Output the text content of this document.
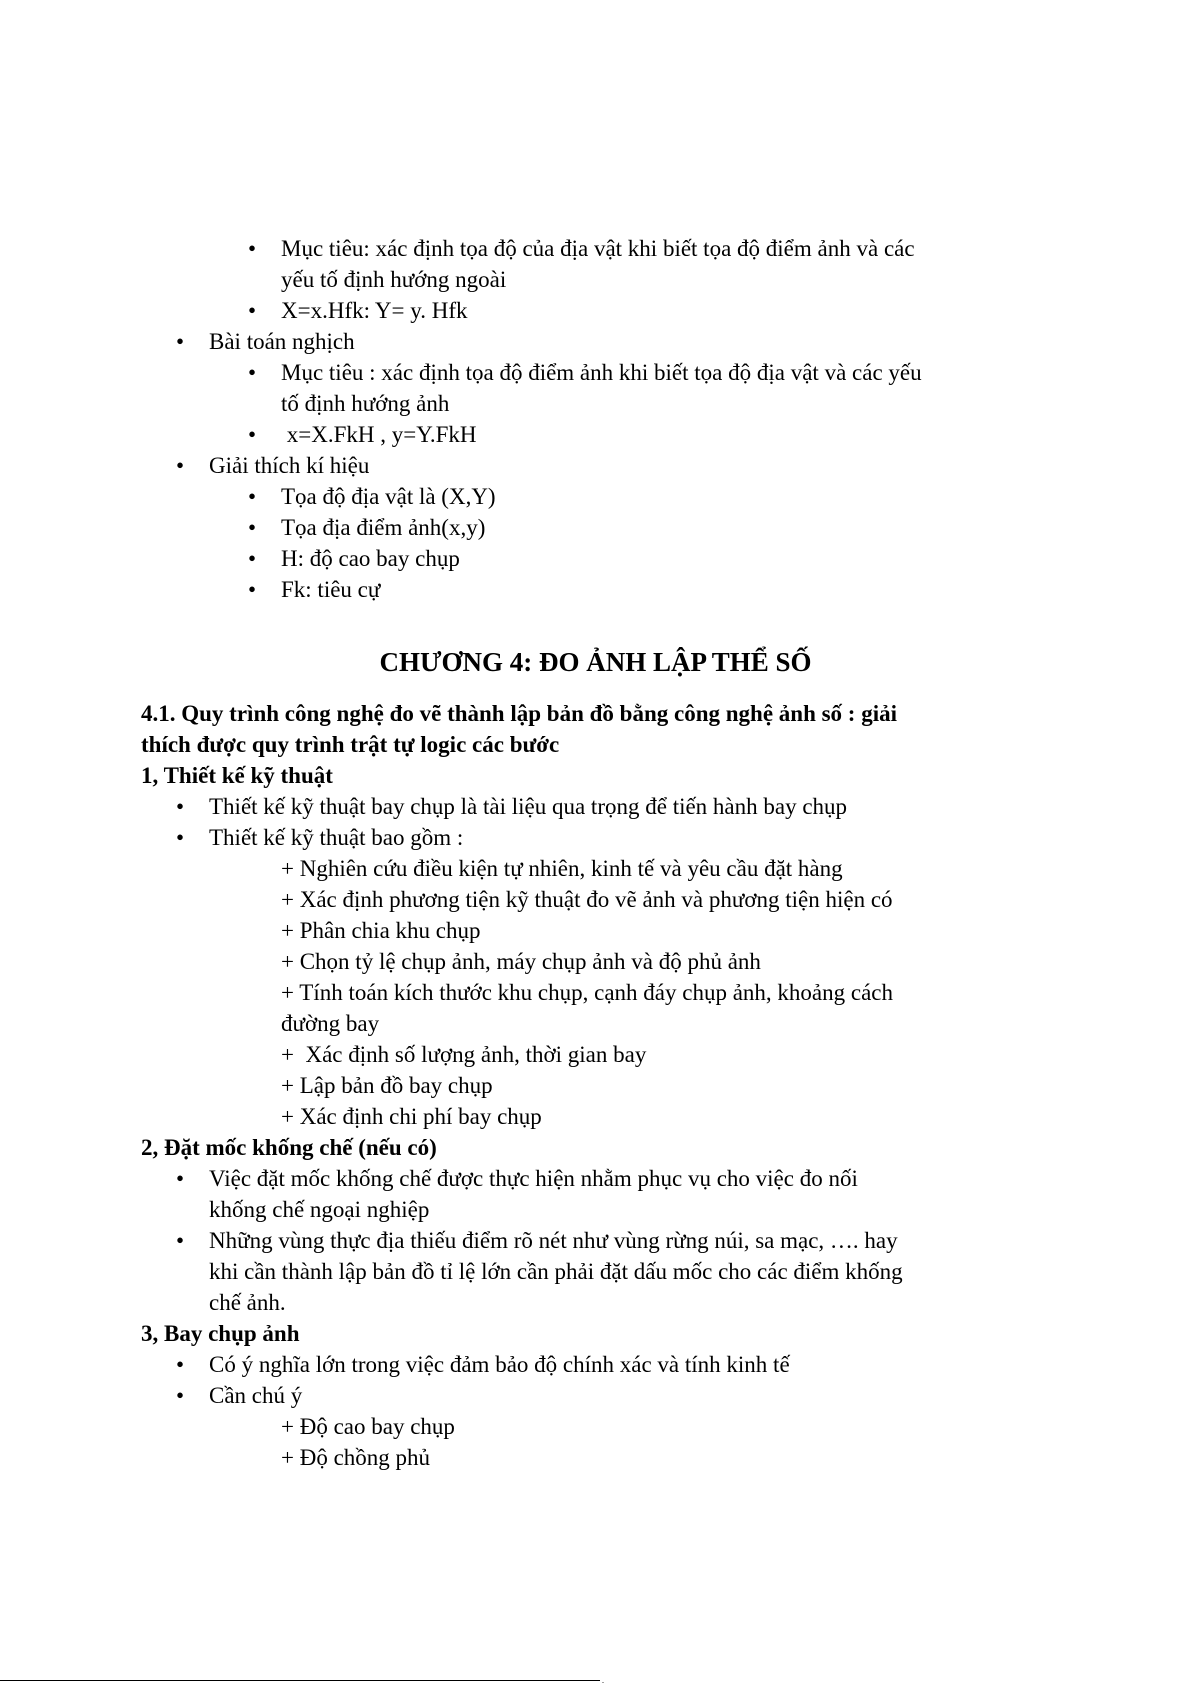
• Mục tiêu: xác định tọa độ của địa vật khi biết tọa độ điểm ảnh và các
yếu tố định hướng ngoài
• X=x.Hfk: Y= y. Hfk
• Bài toán nghịch
• Mục tiêu : xác định tọa độ điểm ảnh khi biết tọa độ địa vật và các yếu
tố định hướng ảnh
• x=X.FkH , y=Y.FkH
• Giải thích kí hiệu
• Tọa độ địa vật là (X,Y)
• Tọa địa điểm ảnh(x,y)
• H: độ cao bay chụp
• Fk: tiêu cự
CHƯƠNG 4: ĐO ẢNH LẬP THỂ SỐ
4.1. Quy trình công nghệ đo vẽ thành lập bản đồ bằng công nghệ ảnh số : giải
thích được quy trình trật tự logic các bước
1, Thiết kế kỹ thuật
• Thiết kế kỹ thuật bay chụp là tài liệu qua trọng để tiến hành bay chụp
• Thiết kế kỹ thuật bao gồm :
+ Nghiên cứu điều kiện tự nhiên, kinh tế và yêu cầu đặt hàng
+ Xác định phương tiện kỹ thuật đo vẽ ảnh và phương tiện hiện có
+ Phân chia khu chụp
+ Chọn tỷ lệ chụp ảnh, máy chụp ảnh và độ phủ ảnh
+ Tính toán kích thước khu chụp, cạnh đáy chụp ảnh, khoảng cách
đường bay
+  Xác định số lượng ảnh, thời gian bay
+ Lập bản đồ bay chụp
+ Xác định chi phí bay chụp
2, Đặt mốc khống chế (nếu có)
• Việc đặt mốc khống chế được thực hiện nhằm phục vụ cho việc đo nối
khống chế ngoại nghiệp
• Những vùng thực địa thiếu điểm rõ nét như vùng rừng núi, sa mạc, …. hay
khi cần thành lập bản đồ tỉ lệ lớn cần phải đặt dấu mốc cho các điểm khống
chế ảnh.
3, Bay chụp ảnh
• Có ý nghĩa lớn trong việc đảm bảo độ chính xác và tính kinh tế
• Cần chú ý
+ Độ cao bay chụp
+ Độ chồng phủ
.
